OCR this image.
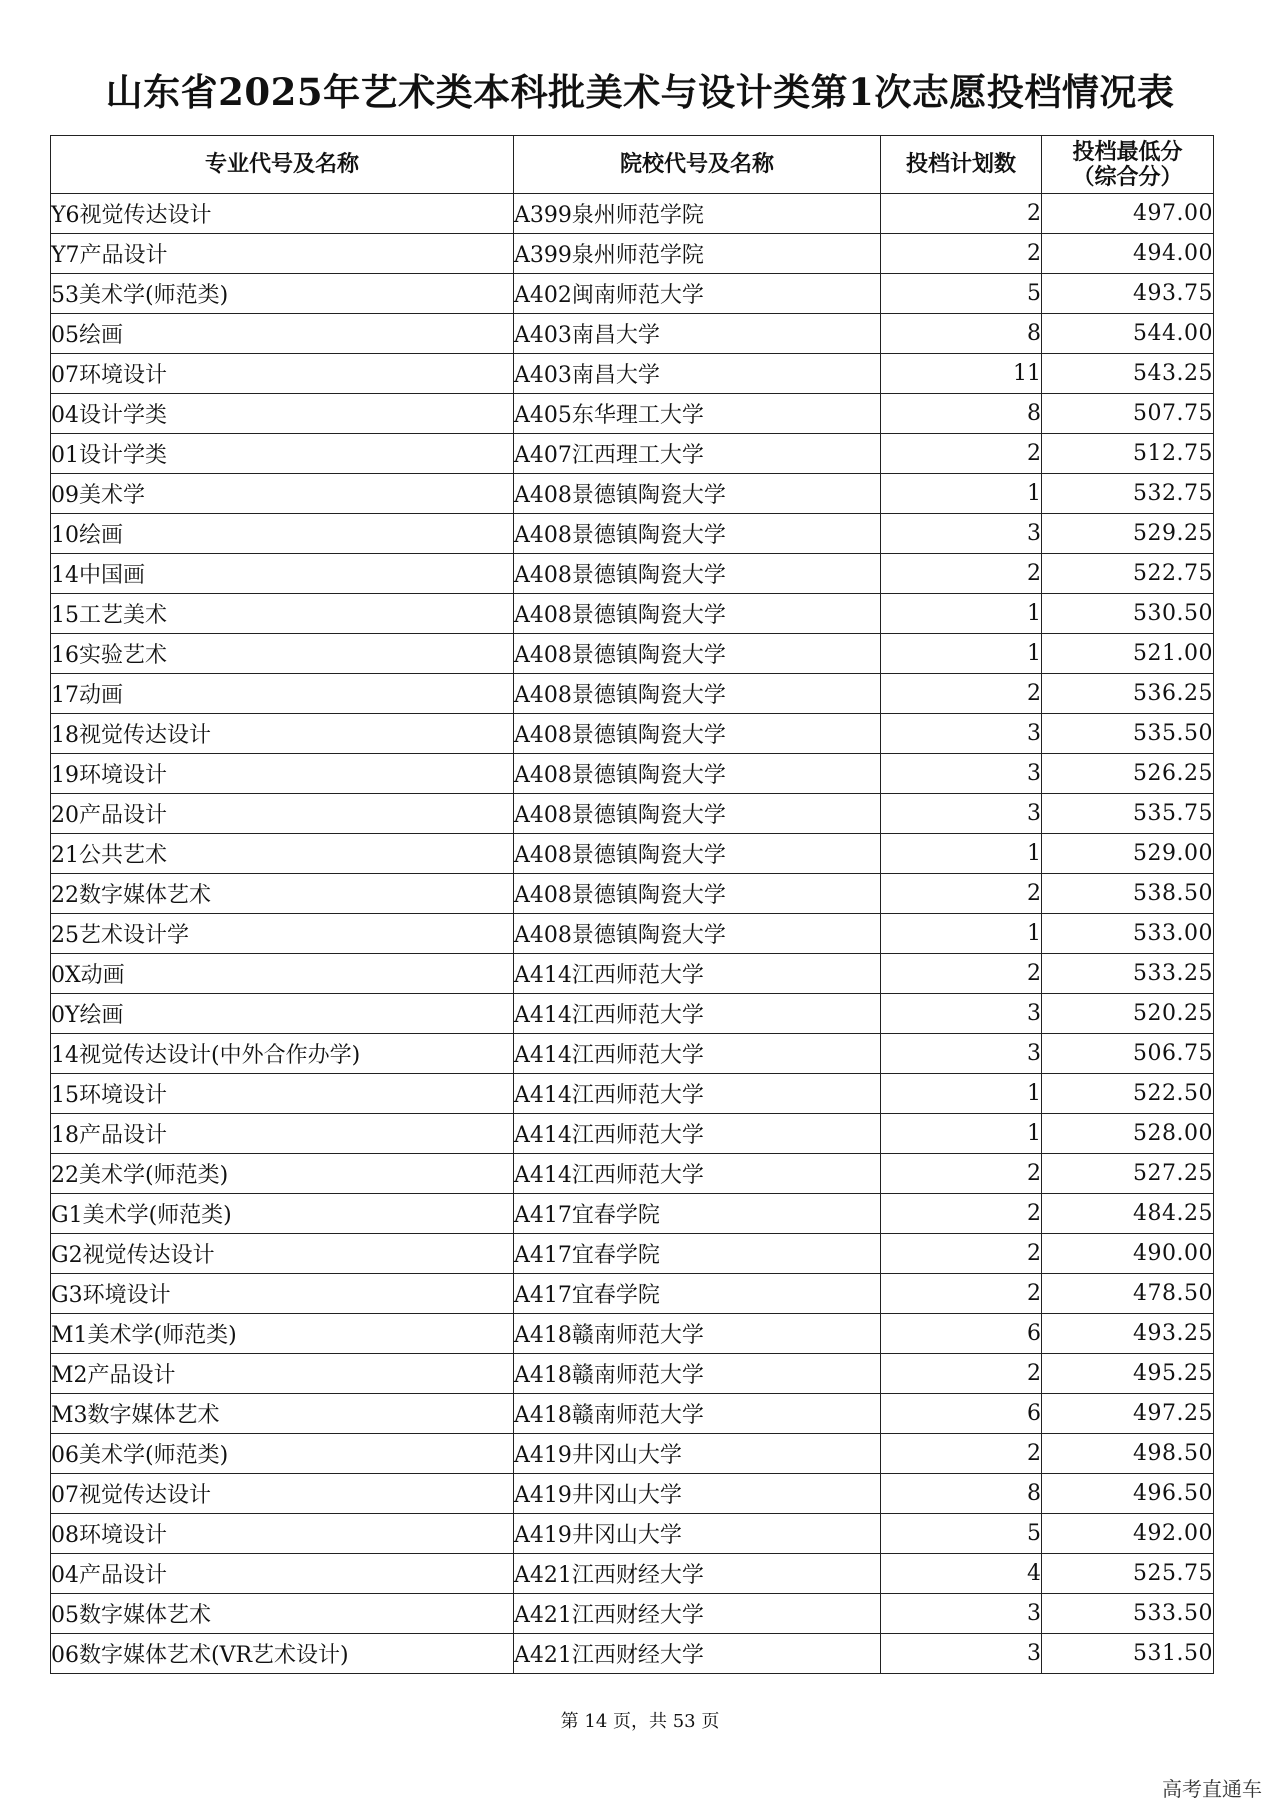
山东省2025年艺术类本科批美术与设计类第1次志愿投档情况表
专业代号及名称	院校代号及名称	投档计划数	投档最低分
（综合分）

Y6视觉传达设计	A399泉州师范学院	2	497.00
Y7产品设计	A399泉州师范学院	2	494.00
53美术学(师范类)	A402闽南师范大学	5	493.75
05绘画	A403南昌大学	8	544.00
07环境设计	A403南昌大学	11	543.25
04设计学类	A405东华理工大学	8	507.75
01设计学类	A407江西理工大学	2	512.75
09美术学	A408景德镇陶瓷大学	1	532.75
10绘画	A408景德镇陶瓷大学	3	529.25
14中国画	A408景德镇陶瓷大学	2	522.75
15工艺美术	A408景德镇陶瓷大学	1	530.50
16实验艺术	A408景德镇陶瓷大学	1	521.00
17动画	A408景德镇陶瓷大学	2	536.25
18视觉传达设计	A408景德镇陶瓷大学	3	535.50
19环境设计	A408景德镇陶瓷大学	3	526.25
20产品设计	A408景德镇陶瓷大学	3	535.75
21公共艺术	A408景德镇陶瓷大学	1	529.00
22数字媒体艺术	A408景德镇陶瓷大学	2	538.50
25艺术设计学	A408景德镇陶瓷大学	1	533.00
0X动画	A414江西师范大学	2	533.25
0Y绘画	A414江西师范大学	3	520.25
14视觉传达设计(中外合作办学)	A414江西师范大学	3	506.75
15环境设计	A414江西师范大学	1	522.50
18产品设计	A414江西师范大学	1	528.00
22美术学(师范类)	A414江西师范大学	2	527.25
G1美术学(师范类)	A417宜春学院	2	484.25
G2视觉传达设计	A417宜春学院	2	490.00
G3环境设计	A417宜春学院	2	478.50
M1美术学(师范类)	A418赣南师范大学	6	493.25
M2产品设计	A418赣南师范大学	2	495.25
M3数字媒体艺术	A418赣南师范大学	6	497.25
06美术学(师范类)	A419井冈山大学	2	498.50
07视觉传达设计	A419井冈山大学	8	496.50
08环境设计	A419井冈山大学	5	492.00
04产品设计	A421江西财经大学	4	525.75
05数字媒体艺术	A421江西财经大学	3	533.50
06数字媒体艺术(VR艺术设计)	A421江西财经大学	3	531.50
第 14 页，共 53 页
高考直通车
